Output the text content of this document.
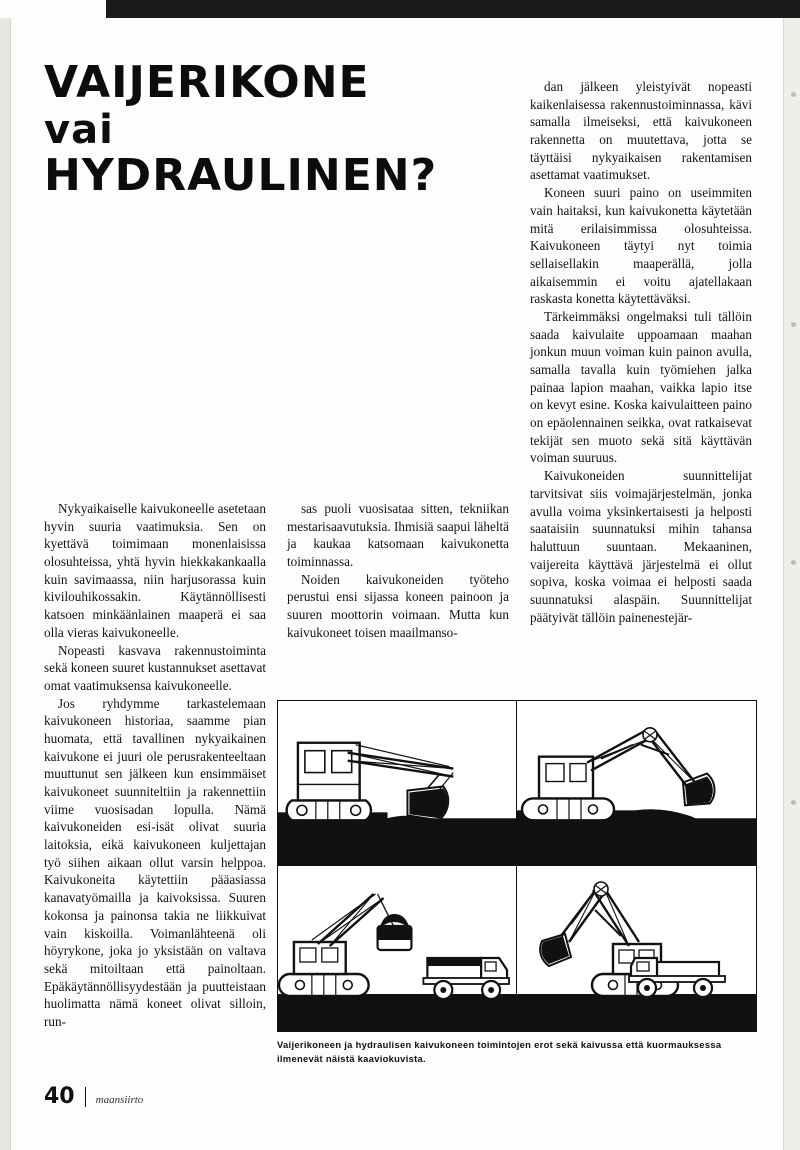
VAIJERIKONE
vai
HYDRAULINEN?

dan jälkeen yleistyivät nopeasti kaikenlaisessa rakennustoiminnassa, kävi samalla ilmeiseksi, että kaivukoneen rakennetta on muutettava, jotta se täyttäisi nykyaikaisen rakentamisen asettamat vaatimukset.

Koneen suuri paino on useimmiten vain haitaksi, kun kaivukonetta käytetään mitä erilaisimmissa olosuhteissa. Kaivukoneen täytyi nyt toimia sellaisellakin maaperällä, jolla aikaisemmin ei voitu ajatellakaan raskasta konetta käytettäväksi.

Tärkeimmäksi ongelmaksi tuli tällöin saada kaivulaite uppoamaan maahan jonkun muun voiman kuin painon avulla, samalla tavalla kuin työmiehen jalka painaa lapion maahan, vaikka lapio itse on kevyt esine. Koska kaivulaitteen paino on epäolennainen seikka, ovat ratkaisevat tekijät sen muoto sekä sitä käyttävän voiman suuruus.

Kaivukoneiden suunnittelijat tarvitsivat siis voimajärjestelmän, jonka avulla voima yksinkertaisesti ja helposti saataisiin suunnatuksi mihin tahansa haluttuun suuntaan. Mekaaninen, vaijereita käyttävä järjestelmä ei ollut sopiva, koska voimaa ei helposti saada suunnatuksi alaspäin. Suunnittelijat päätyivät tällöin painenestejär-

Nykyaikaiselle kaivukoneelle asetetaan hyvin suuria vaatimuksia. Sen on kyettävä toimimaan monenlaisissa olosuhteissa, yhtä hyvin hiekkakankaalla kuin savimaassa, niin harjusorassa kuin kivilouhikossakin. Käytännöllisesti katsoen minkäänlainen maaperä ei saa olla vieras kaivukoneelle.

Nopeasti kasvava rakennustoiminta sekä koneen suuret kustannukset asettavat omat vaatimuksensa kaivukoneelle.

Jos ryhdymme tarkastelemaan kaivukoneen historiaa, saamme pian huomata, että tavallinen nykyaikainen kaivukone ei juuri ole perusrakenteeltaan muuttunut sen jälkeen kun ensimmäiset kaivukoneet suunniteltiin ja rakennettiin viime vuosisadan lopulla. Nämä kaivukoneiden esi-isät olivat suuria laitoksia, eikä kaivukoneen kuljettajan työ siihen aikaan ollut varsin helppoa. Kaivukoneita käytettiin pääasiassa kanavatyömailla ja kaivoksissa. Suuren kokonsa ja painonsa takia ne liikkuivat vain kiskoilla. Voimanlähteenä oli höyrykone, joka jo yksistään on valtava sekä mitoiltaan että painoltaan. Epäkäytännöllisyydestään ja puutteistaan huolimatta nämä koneet olivat silloin, run-

sas puoli vuosisataa sitten, tekniikan mestarisaavutuksia. Ihmisiä saapui läheltä ja kaukaa katsomaan kaivukonetta toiminnassa.

Noiden kaivukoneiden työteho perustui ensi sijassa koneen painoon ja suuren moottorin voimaan. Mutta kun kaivukoneet toisen maailmanso-

Vaijerikoneen ja hydraulisen kaivukoneen toimintojen erot sekä kaivussa että kuormauksessa ilmenevät näistä kaaviokuvista.
40 maansiirto
